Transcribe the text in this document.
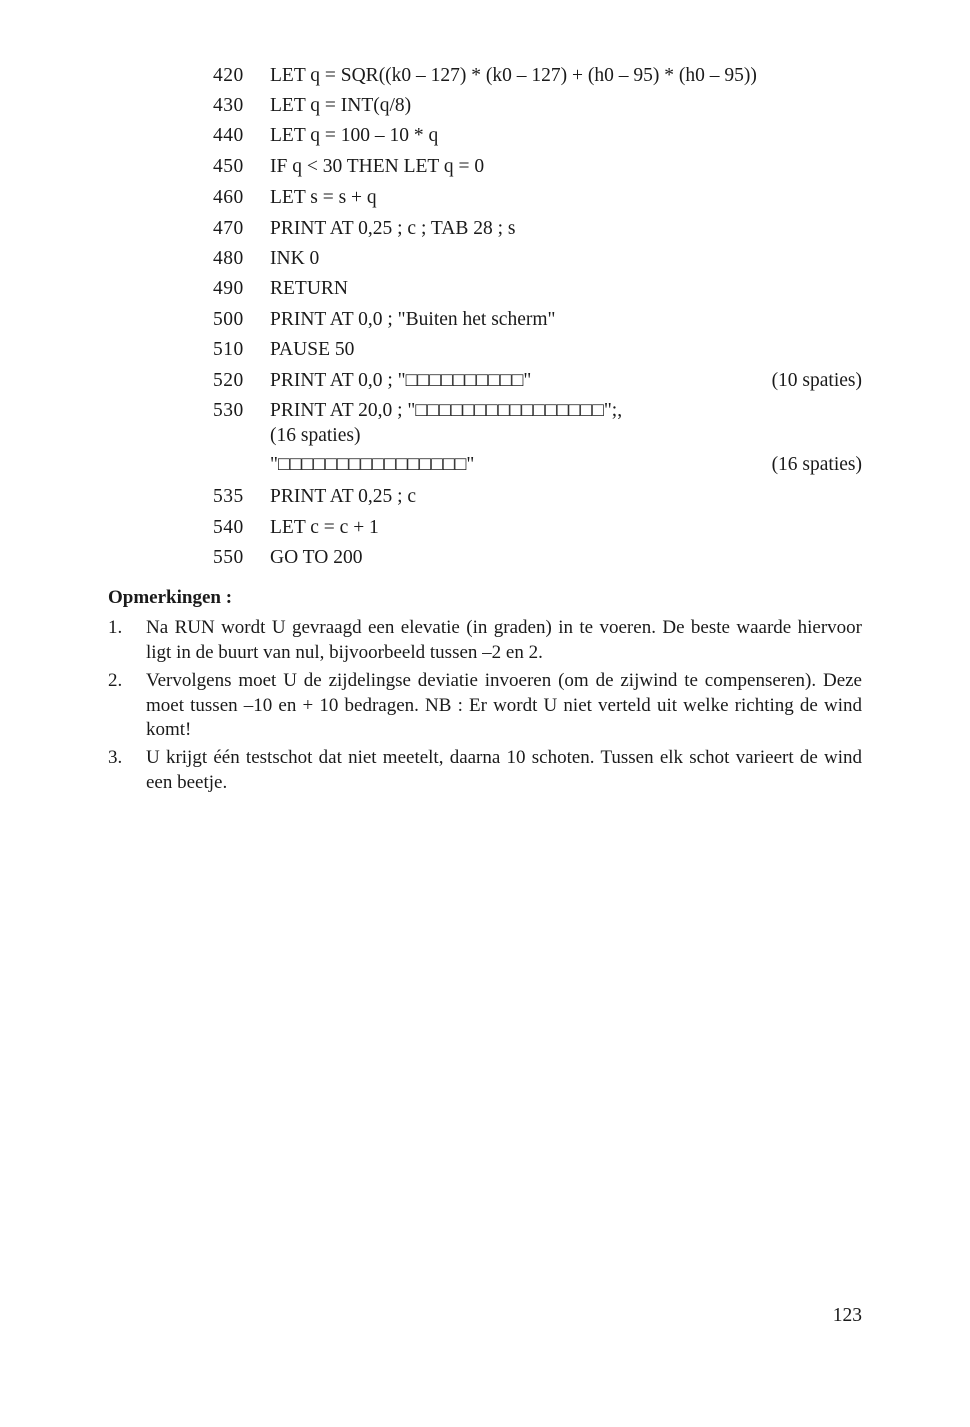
420 LET q = SQR((k0 – 127) * (k0 – 127) + (h0 – 95) * (h0 – 95))
430 LET q = INT(q/8)
440 LET q = 100 – 10 * q
450 IF q < 30 THEN LET q = 0
460 LET s = s + q
470 PRINT AT 0,25 ; c ; TAB 28 ; s
480 INK 0
490 RETURN
500 PRINT AT 0,0 ; "Buiten het scherm"
510 PAUSE 50
520 PRINT AT 0,0 ; "□□□□□□□□□□"	(10 spaties)
530 PRINT AT 20,0 ; "□□□□□□□□□□□□□□□□";,
(16 spaties)
"□□□□□□□□□□□□□□□□"	(16 spaties)
535 PRINT AT 0,25 ; c
540 LET c = c + 1
550 GO TO 200
Opmerkingen :
1. Na RUN wordt U gevraagd een elevatie (in graden) in te voeren. De beste waarde hiervoor ligt in de buurt van nul, bijvoorbeeld tussen –2 en 2.
2. Vervolgens moet U de zijdelingse deviatie invoeren (om de zijwind te compenseren). Deze moet tussen –10 en + 10 bedragen. NB : Er wordt U niet verteld uit welke richting de wind komt!
3. U krijgt één testschot dat niet meetelt, daarna 10 schoten. Tussen elk schot varieert de wind een beetje.
123
